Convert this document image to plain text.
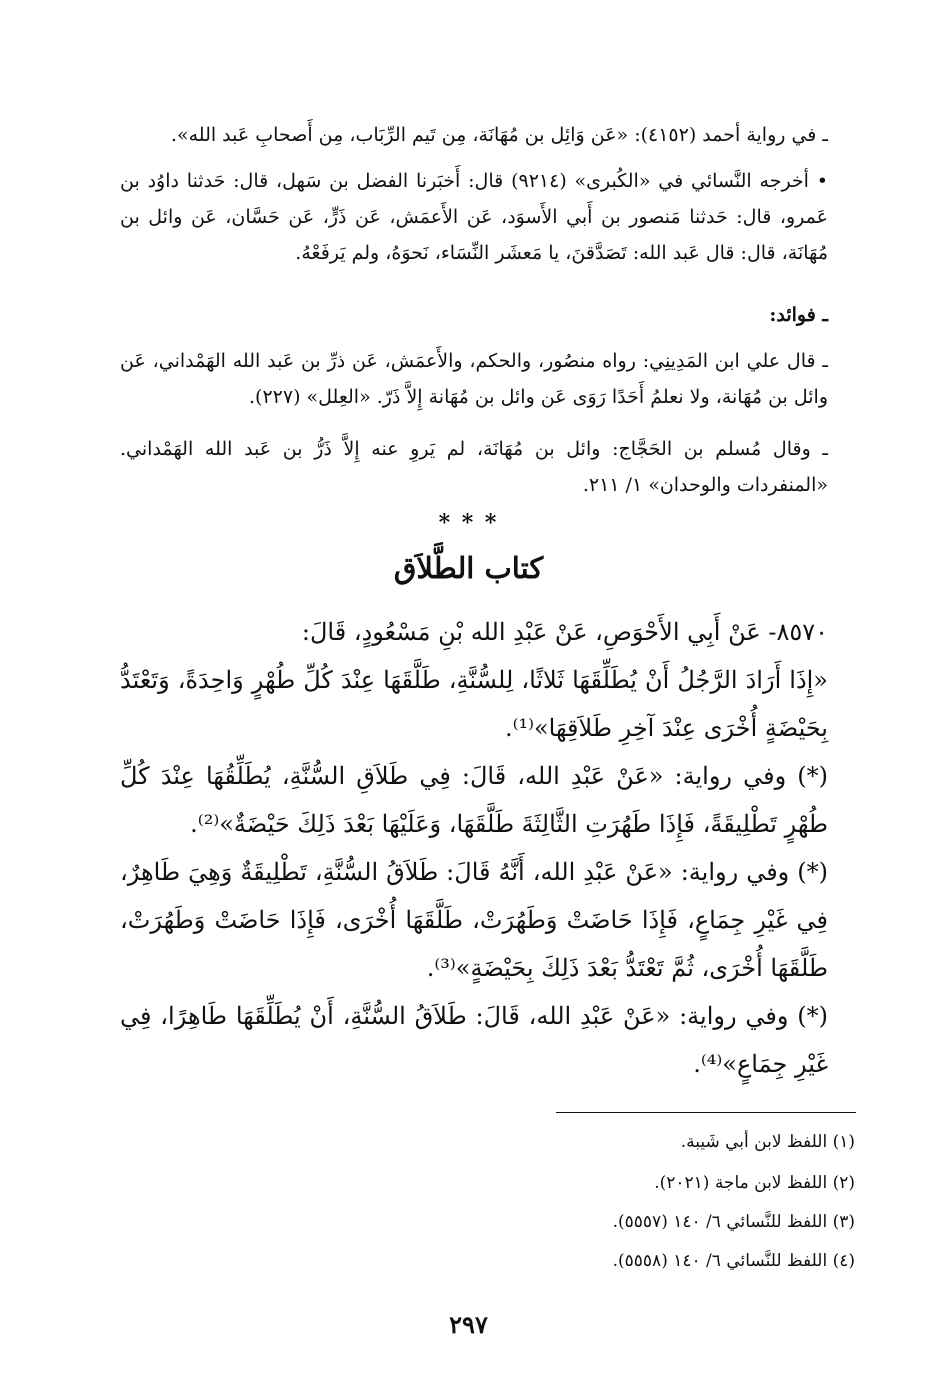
ـ في رواية أحمد (٤١٥٢): «عَن وَائِل بن مُهَانَة، مِن تَيم الرِّبَاب، مِن أَصحابِ عَبد الله».
• أخرجه النَّسائي في «الكُبرى» (٩٢١٤) قال: أَخبَرنا الفضل بن سَهل، قال: حَدثنا داوُد بن عَمرو، قال: حَدثنا مَنصور بن أَبي الأَسوَد، عَن الأَعمَش، عَن ذَرٍّ، عَن حَسَّان، عَن وائل بن مُهَانَة، قال: قال عَبد الله: تَصَدَّقنَ، يا مَعشَر النِّسَاء، نَحوَهُ، ولم يَرفَعْهُ.
ـ فوائد:
ـ قال علي ابن المَدِينِي: رواه منصُور، والحكم، والأَعمَش، عَن ذرِّ بن عَبد الله الهَمْداني، عَن وائل بن مُهَانة، ولا نعلمُ أَحَدًا رَوَى عَن وائل بن مُهَانة إِلاَّ ذَرّ. «العِلل» (٢٢٧).
ـ وقال مُسلم بن الحَجَّاج: وائل بن مُهَانَة، لم يَروِ عنه إِلاَّ ذَرُّ بن عَبد الله الهَمْداني. «المنفردات والوحدان» ١/ ٢١١.
* * *
كتاب الطَّلاَق
٨٥٧٠- عَنْ أَبِي الأَحْوَصِ، عَنْ عَبْدِ الله بْنِ مَسْعُودٍ، قَالَ:
«إِذَا أَرَادَ الرَّجُلُ أَنْ يُطَلِّقَهَا ثَلاثًا، لِلسُّنَّةِ، طَلَّقَهَا عِنْدَ كُلِّ طُهْرٍ وَاحِدَةً، وَتَعْتَدُّ بِحَيْضَةٍ أُخْرَى عِنْدَ آخِرِ طَلاَقِهَا»⁽¹⁾.
(*) وفي رواية: «عَنْ عَبْدِ الله، قَالَ: فِي طَلاَقِ السُّنَّةِ، يُطَلِّقُهَا عِنْدَ كُلِّ طُهْرٍ تَطْلِيقَةً، فَإِذَا طَهُرَتِ الثَّالِثَةَ طَلَّقَهَا، وَعَلَيْهَا بَعْدَ ذَلِكَ حَيْضَةٌ»⁽²⁾.
(*) وفي رواية: «عَنْ عَبْدِ الله، أَنَّهُ قَالَ: طَلاَقُ السُّنَّةِ، تَطْلِيقَةٌ وَهِيَ طَاهِرٌ، فِي غَيْرِ جِمَاعٍ، فَإِذَا حَاضَتْ وَطَهُرَتْ، طَلَّقَهَا أُخْرَى، فَإِذَا حَاضَتْ وَطَهُرَتْ، طَلَّقَهَا أُخْرَى، ثُمَّ تَعْتَدُّ بَعْدَ ذَلِكَ بِحَيْضَةٍ»⁽³⁾.
(*) وفي رواية: «عَنْ عَبْدِ الله، قَالَ: طَلاَقُ السُّنَّةِ، أَنْ يُطَلِّقَهَا طَاهِرًا، فِي غَيْرِ جِمَاعٍ»⁽⁴⁾.
(١) اللفظ لابن أبي شَيبة.
(٢) اللفظ لابن ماجة (٢٠٢١).
(٣) اللفظ للنَّسائي ٦/ ١٤٠ (٥٥٥٧).
(٤) اللفظ للنَّسائي ٦/ ١٤٠ (٥٥٥٨).
٢٩٧
